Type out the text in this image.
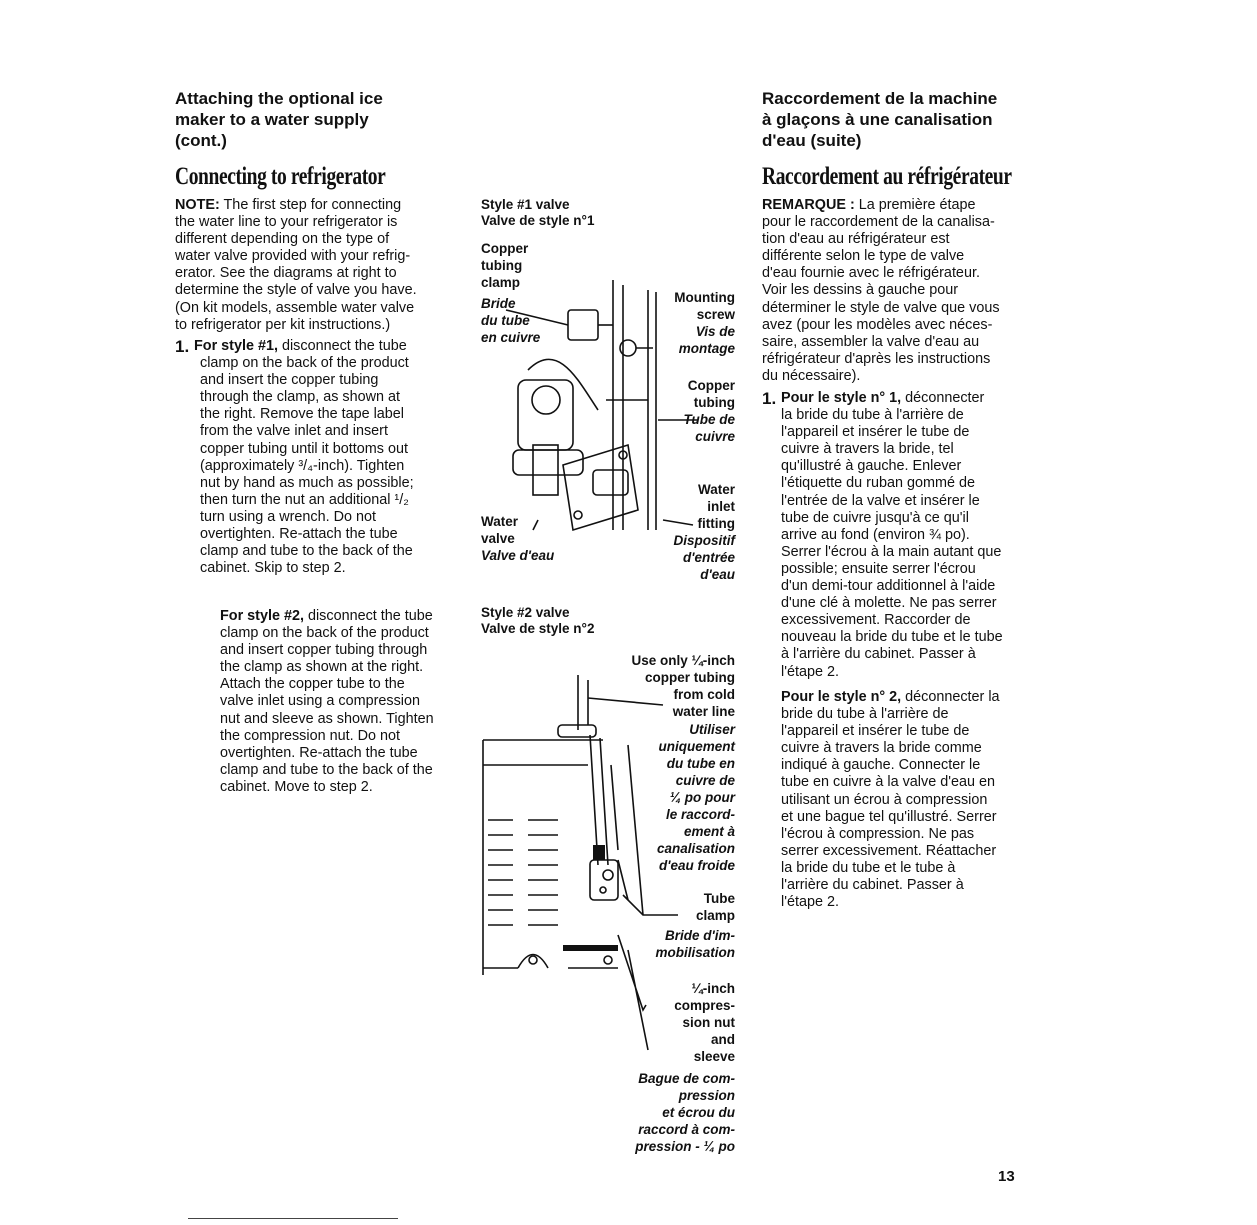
Attaching the optional ice
maker to a water supply
(cont.)
Connecting to refrigerator

NOTE: The first step for connecting

the water line to your refrigerator is

different depending on the type of

water valve provided with your refrig-

erator. See the diagrams at right to

determine the style of valve you have.

(On kit models, assemble water valve

to refrigerator per kit instructions.)

1. For style #1, disconnect the tube

clamp on the back of the product

and insert the copper tubing

through the clamp, as shown at

the right. Remove the tape label

from the valve inlet and insert

copper tubing until it bottoms out

(approximately ³/₄-inch). Tighten

nut by hand as much as possible;

then turn the nut an additional ¹/₂

turn using a wrench. Do not

overtighten. Re-attach the tube

clamp and tube to the back of the

cabinet. Skip to step 2.

For style #2, disconnect the tube

clamp on the back of the product

and insert copper tubing through

the clamp as shown at the right.

Attach the copper tube to the

valve inlet using a compression

nut and sleeve as shown. Tighten

the compression nut. Do not

overtighten. Re-attach the tube

clamp and tube to the back of the

cabinet. Move to step 2.

Style #1 valve
Valve de style n°1
Copper
tubing
clamp
Bride
du tube
en cuivre
Mounting
screw
Vis de
montage
Copper
tubing
Tube de
cuivre
Water
inlet
fitting
Dispositif
d'entrée
d'eau
Water
valve
Valve d'eau
Style #2 valve
Valve de style n°2
Use only ¼-inch
copper tubing
from cold
water line
Utiliser
uniquement
du tube en
cuivre de
¼ po pour
le raccord-
ement à
canalisation
d'eau froide
Tube
clamp
Bride d'im-
mobilisation
¼-inch
compres-
sion nut
and
sleeve
Bague de com-
pression
et écrou du
raccord à com-
pression - ¼ po
Raccordement de la machine
à glaçons à une canalisation
d'eau (suite)
Raccordement au réfrigérateur

REMARQUE : La première étape

pour le raccordement de la canalisa-

tion d'eau au réfrigérateur est

différente selon le type de valve

d'eau fournie avec le réfrigérateur.

Voir les dessins à gauche pour

déterminer le style de valve que vous

avez (pour les modèles avec néces-

saire, assembler la valve d'eau au

réfrigérateur d'après les instructions

du nécessaire).

1. Pour le style n° 1, déconnecter

la bride du tube à l'arrière de

l'appareil et insérer le tube de

cuivre à travers la bride, tel

qu'illustré à gauche. Enlever

l'étiquette du ruban gommé de

l'entrée de la valve et insérer le

tube de cuivre jusqu'à ce qu'il

arrive au fond (environ ¾ po).

Serrer l'écrou à la main autant que

possible; ensuite serrer l'écrou

d'un demi-tour additionnel à l'aide

d'une clé à molette. Ne pas serrer

excessivement. Raccorder de

nouveau la bride du tube et le tube

à l'arrière du cabinet. Passer à

l'étape 2.

Pour le style n° 2, déconnecter la

bride du tube à l'arrière de

l'appareil et insérer le tube de

cuivre à travers la bride comme

indiqué à gauche. Connecter le

tube en cuivre à la valve d'eau en

utilisant un écrou à compression

et une bague tel qu'illustré. Serrer

l'écrou à compression. Ne pas

serrer excessivement. Réattacher

la bride du tube et le tube à

l'arrière du cabinet. Passer à

l'étape 2.

13
